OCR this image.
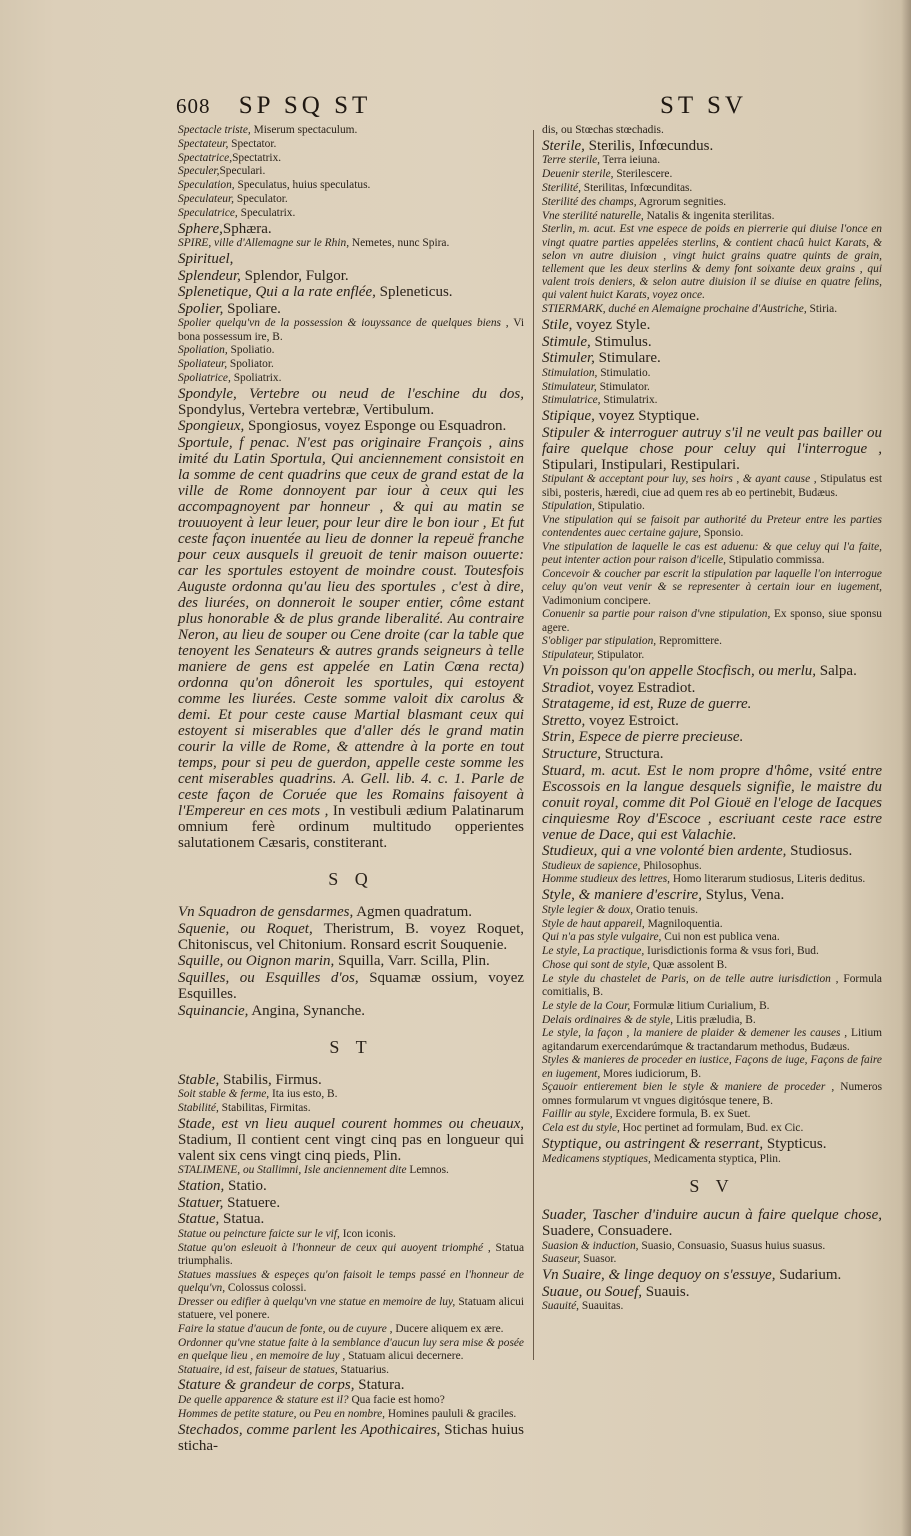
608 SP SQ ST	ST SV
Spectacle triste, Miserum spectaculum.
Spectateur, Spectator.
Spectatrice,Spectatrix.
Speculer,Speculari.
Speculation, Speculatus, huius speculatus.
Speculateur, Speculator.
Speculatrice, Speculatrix.
Sphere,Sphæra.
SPIRE, ville d'Allemagne sur le Rhin, Nemetes, nunc Spira.
Spirituel,
Splendeur, Splendor, Fulgor.
Splenetique, Qui a la rate enflée, Spleneticus.
Spolier, Spoliare.
Spolier quelqu'vn de la possession & iouyssance de quelques biens , Vi bona possessum ire, B.
Spoliation, Spoliatio.
Spoliateur, Spoliator.
Spoliatrice, Spoliatrix.
Spondyle, Vertebre ou neud de l'eschine du dos, Spondylus, Vertebra vertebræ, Vertibulum.
Spongieux, Spongiosus, voyez Esponge ou Esquadron.
Sportule, f penac. N'est pas originaire François , ains imité du Latin Sportula, Qui anciennement consistoit en la somme de cent quadrins que ceux de grand estat de la ville de Rome donnoyent par iour à ceux qui les accompagnoyent par honneur , & qui au matin se trouuoyent à leur leuer, pour leur dire le bon iour , Et fut ceste façon inuentée au lieu de donner la repeuë franche pour ceux ausquels il greuoit de tenir maison ouuerte: car les sportules estoyent de moindre coust. Toutesfois Auguste ordonna qu'au lieu des sportules , c'est à dire, des liurées, on donneroit le souper entier, côme estant plus honorable & de plus grande liberalité. Au contraire Neron, au lieu de souper ou Cene droite (car la table que tenoyent les Senateurs & autres grands seigneurs à telle maniere de gens est appelée en Latin Cœna recta) ordonna qu'on dôneroit les sportules, qui estoyent comme les liurées. Ceste somme valoit dix carolus & demi. Et pour ceste cause Martial blasmant ceux qui estoyent si miserables que d'aller dés le grand matin courir la ville de Rome, & attendre à la porte en tout temps, pour si peu de guerdon, appelle ceste somme les cent miserables quadrins. A. Gell. lib. 4. c. 1. Parle de ceste façon de Coruée que les Romains faisoyent à l'Empereur en ces mots , In vestibuli ædium Palatinarum omnium ferè ordinum multitudo opperientes salutationem Cæsaris, constiterant.
S Q
Vn Squadron de gensdarmes, Agmen quadratum.
Squenie, ou Roquet, Theristrum, B. voyez Roquet, Chitoniscus, vel Chitonium. Ronsard escrit Souquenie.
Squille, ou Oignon marin, Squilla, Varr. Scilla, Plin.
Squilles, ou Esquilles d'os, Squamæ ossium, voyez Esquilles.
Squinancie, Angina, Synanche.
S T
Stable, Stabilis, Firmus.
Soit stable & ferme, Ita ius esto, B.
Stabilité, Stabilitas, Firmitas.
Stade, est vn lieu auquel courent hommes ou cheuaux, Stadium, Il contient cent vingt cinq pas en longueur qui valent six cens vingt cinq pieds, Plin.
STALIMENE, ou Stallimni, Isle anciennement dite Lemnos.
Station, Statio.
Statuer, Statuere.
Statue, Statua.
Statue ou peincture faicte sur le vif, Icon iconis.
Statue qu'on esleuoit à l'honneur de ceux qui auoyent triomphé , Statua triumphalis.
Statues massiues & espeçes qu'on faisoit le temps passé en l'honneur de quelqu'vn, Colossus colossi.
Dresser ou edifier à quelqu'vn vne statue en memoire de luy, Statuam alicui statuere, vel ponere.
Faire la statue d'aucun de fonte, ou de cuyure , Ducere aliquem ex ære.
Ordonner qu'vne statue faite à la semblance d'aucun luy sera mise & posée en quelque lieu , en memoire de luy , Statuam alicui decernere.
Statuaire, id est, faiseur de statues, Statuarius.
Stature & grandeur de corps, Statura.
De quelle apparence & stature est il? Qua facie est homo?
Hommes de petite stature, ou Peu en nombre, Homines paululi & graciles.
Stechados, comme parlent les Apothicaires, Stichas huius sticha-
dis, ou Stœchas stœchadis.
Sterile, Sterilis, Infœcundus.
Terre sterile, Terra ieiuna.
Deuenir sterile, Sterilescere.
Sterilité, Sterilitas, Infœcunditas.
Sterilité des champs, Agrorum segnities.
Vne sterilité naturelle, Natalis & ingenita sterilitas.
Sterlin, m. acut. Est vne espece de poids en pierrerie qui diuise l'once en vingt quatre parties appelées sterlins, & contient chacû huict Karats, & selon vn autre diuision , vingt huict grains quatre quints de grain, tellement que les deux sterlins & demy font soixante deux grains , qui valent trois deniers, & selon autre diuision il se diuise en quatre felins, qui valent huict Karats, voyez once.
STIERMARK, duché en Alemaigne prochaine d'Austriche, Stiria.
Stile, voyez Style.
Stimule, Stimulus.
Stimuler, Stimulare.
Stimulation, Stimulatio.
Stimulateur, Stimulator.
Stimulatrice, Stimulatrix.
Stipique, voyez Styptique.
Stipuler & interroguer autruy s'il ne veult pas bailler ou faire quelque chose pour celuy qui l'interrogue , Stipulari, Instipulari, Restipulari.
Stipulant & acceptant pour luy, ses hoirs , & ayant cause , Stipulatus est sibi, posteris, hæredi, ciue ad quem res ab eo pertinebit, Budæus.
Stipulation, Stipulatio.
Vne stipulation qui se faisoit par authorité du Preteur entre les parties contendentes auec certaine gajure, Sponsio.
Vne stipulation de laquelle le cas est aduenu: & que celuy qui l'a faite, peut intenter action pour raison d'icelle, Stipulatio commissa.
Concevoir & coucher par escrit la stipulation par laquelle l'on interrogue celuy qu'on veut venir & se representer à certain iour en iugement, Vadimonium concipere.
Conuenir sa partie pour raison d'vne stipulation, Ex sponso, siue sponsu agere.
S'obliger par stipulation, Repromittere.
Stipulateur, Stipulator.
Vn poisson qu'on appelle Stocfisch, ou merlu, Salpa.
Stradiot, voyez Estradiot.
Stratageme, id est, Ruze de guerre.
Stretto, voyez Estroict.
Strin, Espece de pierre precieuse.
Structure, Structura.
Stuard, m. acut. Est le nom propre d'hôme, vsité entre Escossois en la langue desquels signifie, le maistre du conuit royal, comme dit Pol Giouë en l'eloge de Iacques cinquiesme Roy d'Escoce , escriuant ceste race estre venue de Dace, qui est Valachie.
Studieux, qui a vne volonté bien ardente, Studiosus.
Studieux de sapience, Philosophus.
Homme studieux des lettres, Homo literarum studiosus, Literis deditus.
Style, & maniere d'escrire, Stylus, Vena.
Style legier & doux, Oratio tenuis.
Style de haut appareil, Magniloquentia.
Qui n'a pas style vulgaire, Cui non est publica vena.
Le style, La practique, Iurisdictionis forma & vsus fori, Bud.
Chose qui sont de style, Quæ assolent B.
Le style du chastelet de Paris, on de telle autre iurisdiction , Formula comitialis, B.
Le style de la Cour, Formulæ litium Curialium, B.
Delais ordinaires & de style, Litis præludia, B.
Le style, la façon , la maniere de plaider & demener les causes , Litium agitandarum exercendarúmque & tractandarum methodus, Budæus.
Styles & manieres de proceder en iustice, Façons de iuge, Façons de faire en iugement, Mores iudiciorum, B.
Sçauoir entierement bien le style & maniere de proceder , Numeros omnes formularum vt vngues digitósque tenere, B.
Faillir au style, Excidere formula, B. ex Suet.
Cela est du style, Hoc pertinet ad formulam, Bud. ex Cic.
Styptique, ou astringent & reserrant, Stypticus.
Medicamens styptiques, Medicamenta styptica, Plin.
S V
Suader, Tascher d'induire aucun à faire quelque chose, Suadere, Consuadere.
Suasion & induction, Suasio, Consuasio, Suasus huius suasus.
Suaseur, Suasor.
Vn Suaire, & linge dequoy on s'essuye, Sudarium.
Suaue, ou Souef, Suauis.
Suauité, Suauitas.
